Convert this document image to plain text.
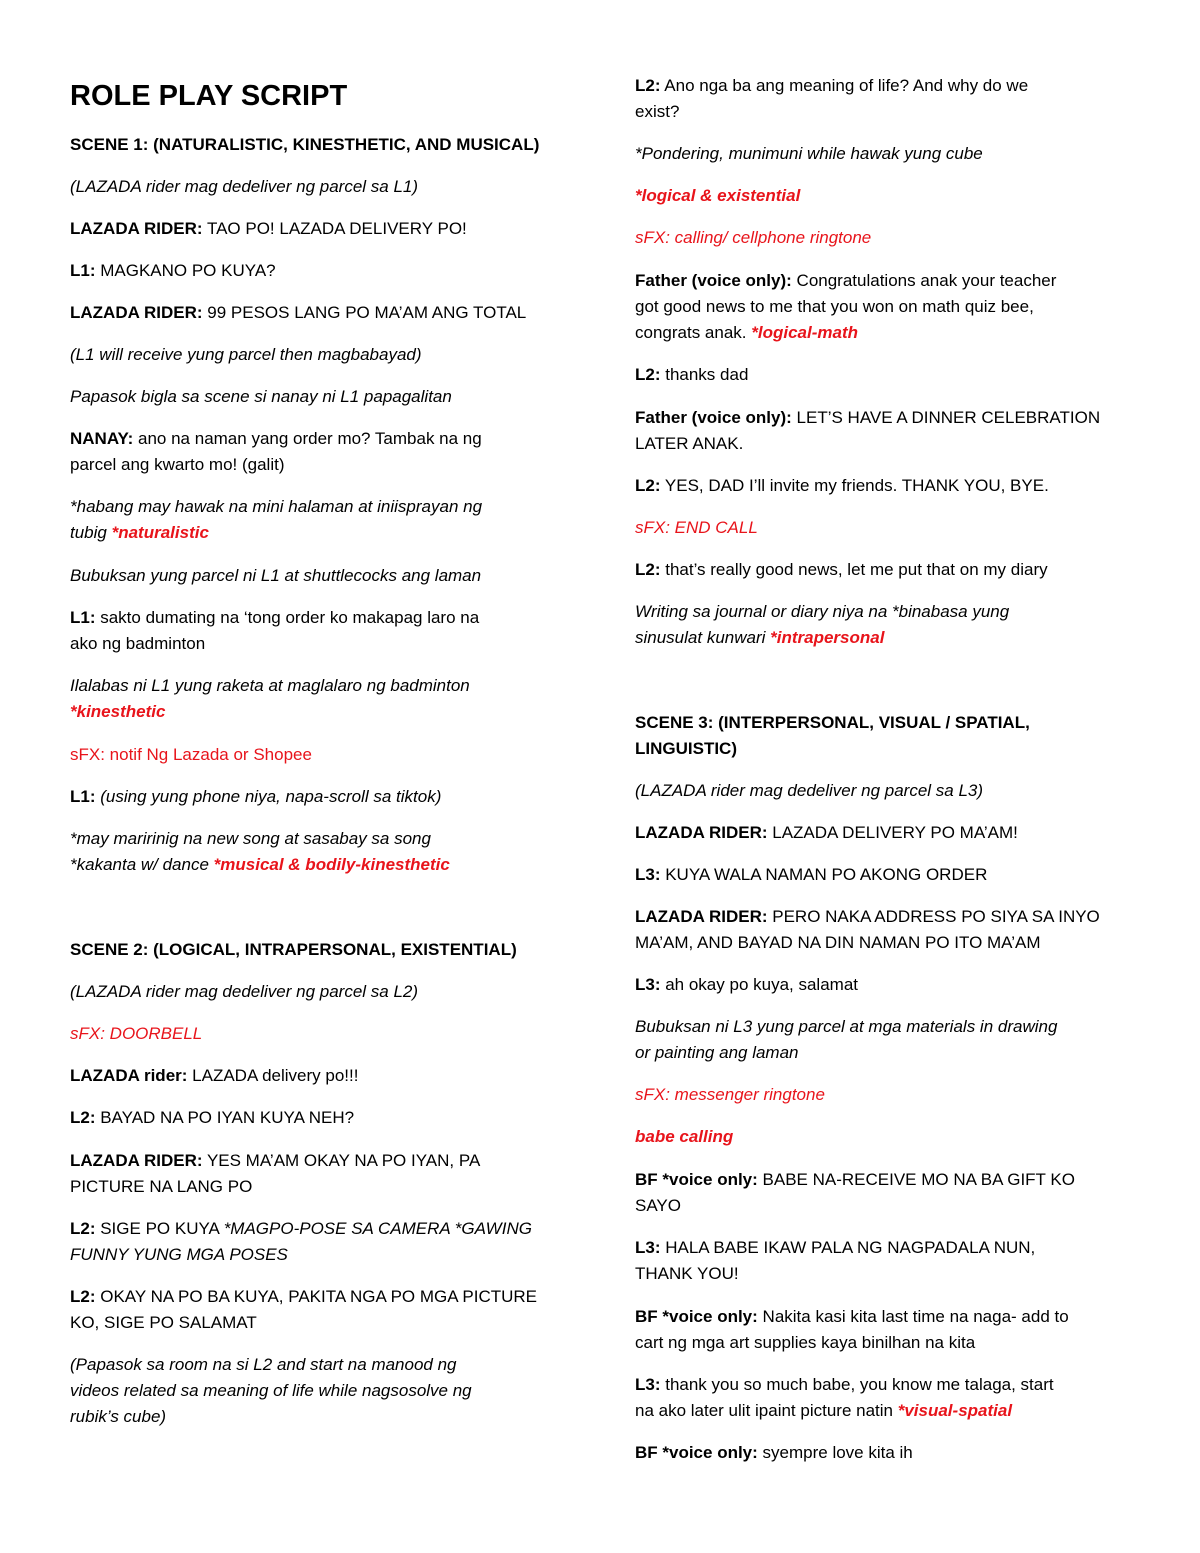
ROLE PLAY SCRIPT

SCENE 1: (NATURALISTIC, KINESTHETIC, AND MUSICAL)

(LAZADA rider mag dedeliver ng parcel sa L1)

LAZADA RIDER: TAO PO! LAZADA DELIVERY PO!

L1: MAGKANO PO KUYA?

LAZADA RIDER: 99 PESOS LANG PO MA’AM ANG TOTAL

(L1 will receive yung parcel then magbabayad)

Papasok bigla sa scene si nanay ni L1 papagalitan

NANAY: ano na naman yang order mo? Tambak na ng

parcel ang kwarto mo! (galit)

*habang may hawak na mini halaman at iniispray​an ng

tubig *naturalistic

Bubuksan yung parcel ni L1 at shuttlecocks ang laman

L1: sakto dumating na ‘tong order ko makapag laro na

ako ng badminton

Ilalabas ni L1 yung raketa at maglalaro ng badminton

*kinesthetic

sFX: notif Ng Lazada or Shopee

L1: (using yung phone niya, napa-scroll sa tiktok)

*may maririnig na new song at sasabay sa song

*kakanta w/ dance *musical & bodily-kinesthetic

SCENE 2: (LOGICAL, INTRAPERSONAL, EXISTENTIAL)

(LAZADA rider mag dedeliver ng parcel sa L2)

sFX: DOORBELL

LAZADA rider: LAZADA delivery po!!!

L2: BAYAD NA PO IYAN KUYA NEH?

LAZADA RIDER: YES MA’AM OKAY NA PO IYAN, PA

PICTURE NA LANG PO

L2: SIGE PO KUYA *MAGPO-POSE SA CAMERA *GAWING

FUNNY YUNG MGA POSES

L2: OKAY NA PO BA KUYA, PAKITA NGA PO MGA PICTURE

KO, SIGE PO SALAMAT

(Papasok sa room na si L2 and start na manood ng

videos related sa meaning of life while nagsosolve ng

rubik’s cube)

L2: Ano nga ba ang meaning of life? And why do we

exist?

*Pondering, munimuni while hawak yung cube

*logical & existential

sFX: calling/ cellphone ringtone

Father (voice only): Congratulations anak your teacher

got good news to me that you won on math quiz bee,

congrats anak. *logical-math

L2: thanks dad

Father (voice only): LET’S HAVE A DINNER CELEBRATION

LATER ANAK.

L2: YES, DAD I’ll invite my friends. THANK YOU, BYE.

sFX: END CALL

L2: that’s really good news, let me put that on my diary

Writing sa journal or diary niya na *binabasa yung

sinusulat kunwari *intrapersonal

SCENE 3: (INTERPERSONAL, VISUAL / SPATIAL,

LINGUISTIC)

(LAZADA rider mag dedeliver ng parcel sa L3)

LAZADA RIDER: LAZADA DELIVERY PO MA’AM!

L3: KUYA WALA NAMAN PO AKONG ORDER

LAZADA RIDER: PERO NAKA ADDRESS PO SIYA SA INYO

MA’AM, AND BAYAD NA DIN NAMAN PO ITO MA’AM

L3: ah okay po kuya, salamat

Bubuksan ni L3 yung parcel at mga materials in drawing

or painting ang laman

sFX: messenger ringtone

babe calling

BF *voice only: BABE NA-RECEIVE MO NA BA GIFT KO

SAYO

L3: HALA BABE IKAW PALA NG NAGPADALA NUN,

THANK YOU!

BF *voice only: Nakita kasi kita last time na naga- add to

cart ng mga art supplies kaya binilhan na kita

L3: thank you so much babe, you know me talaga, start

na ako later ulit ipaint picture natin *visual-spatial

BF *voice only: syempre love kita ih
